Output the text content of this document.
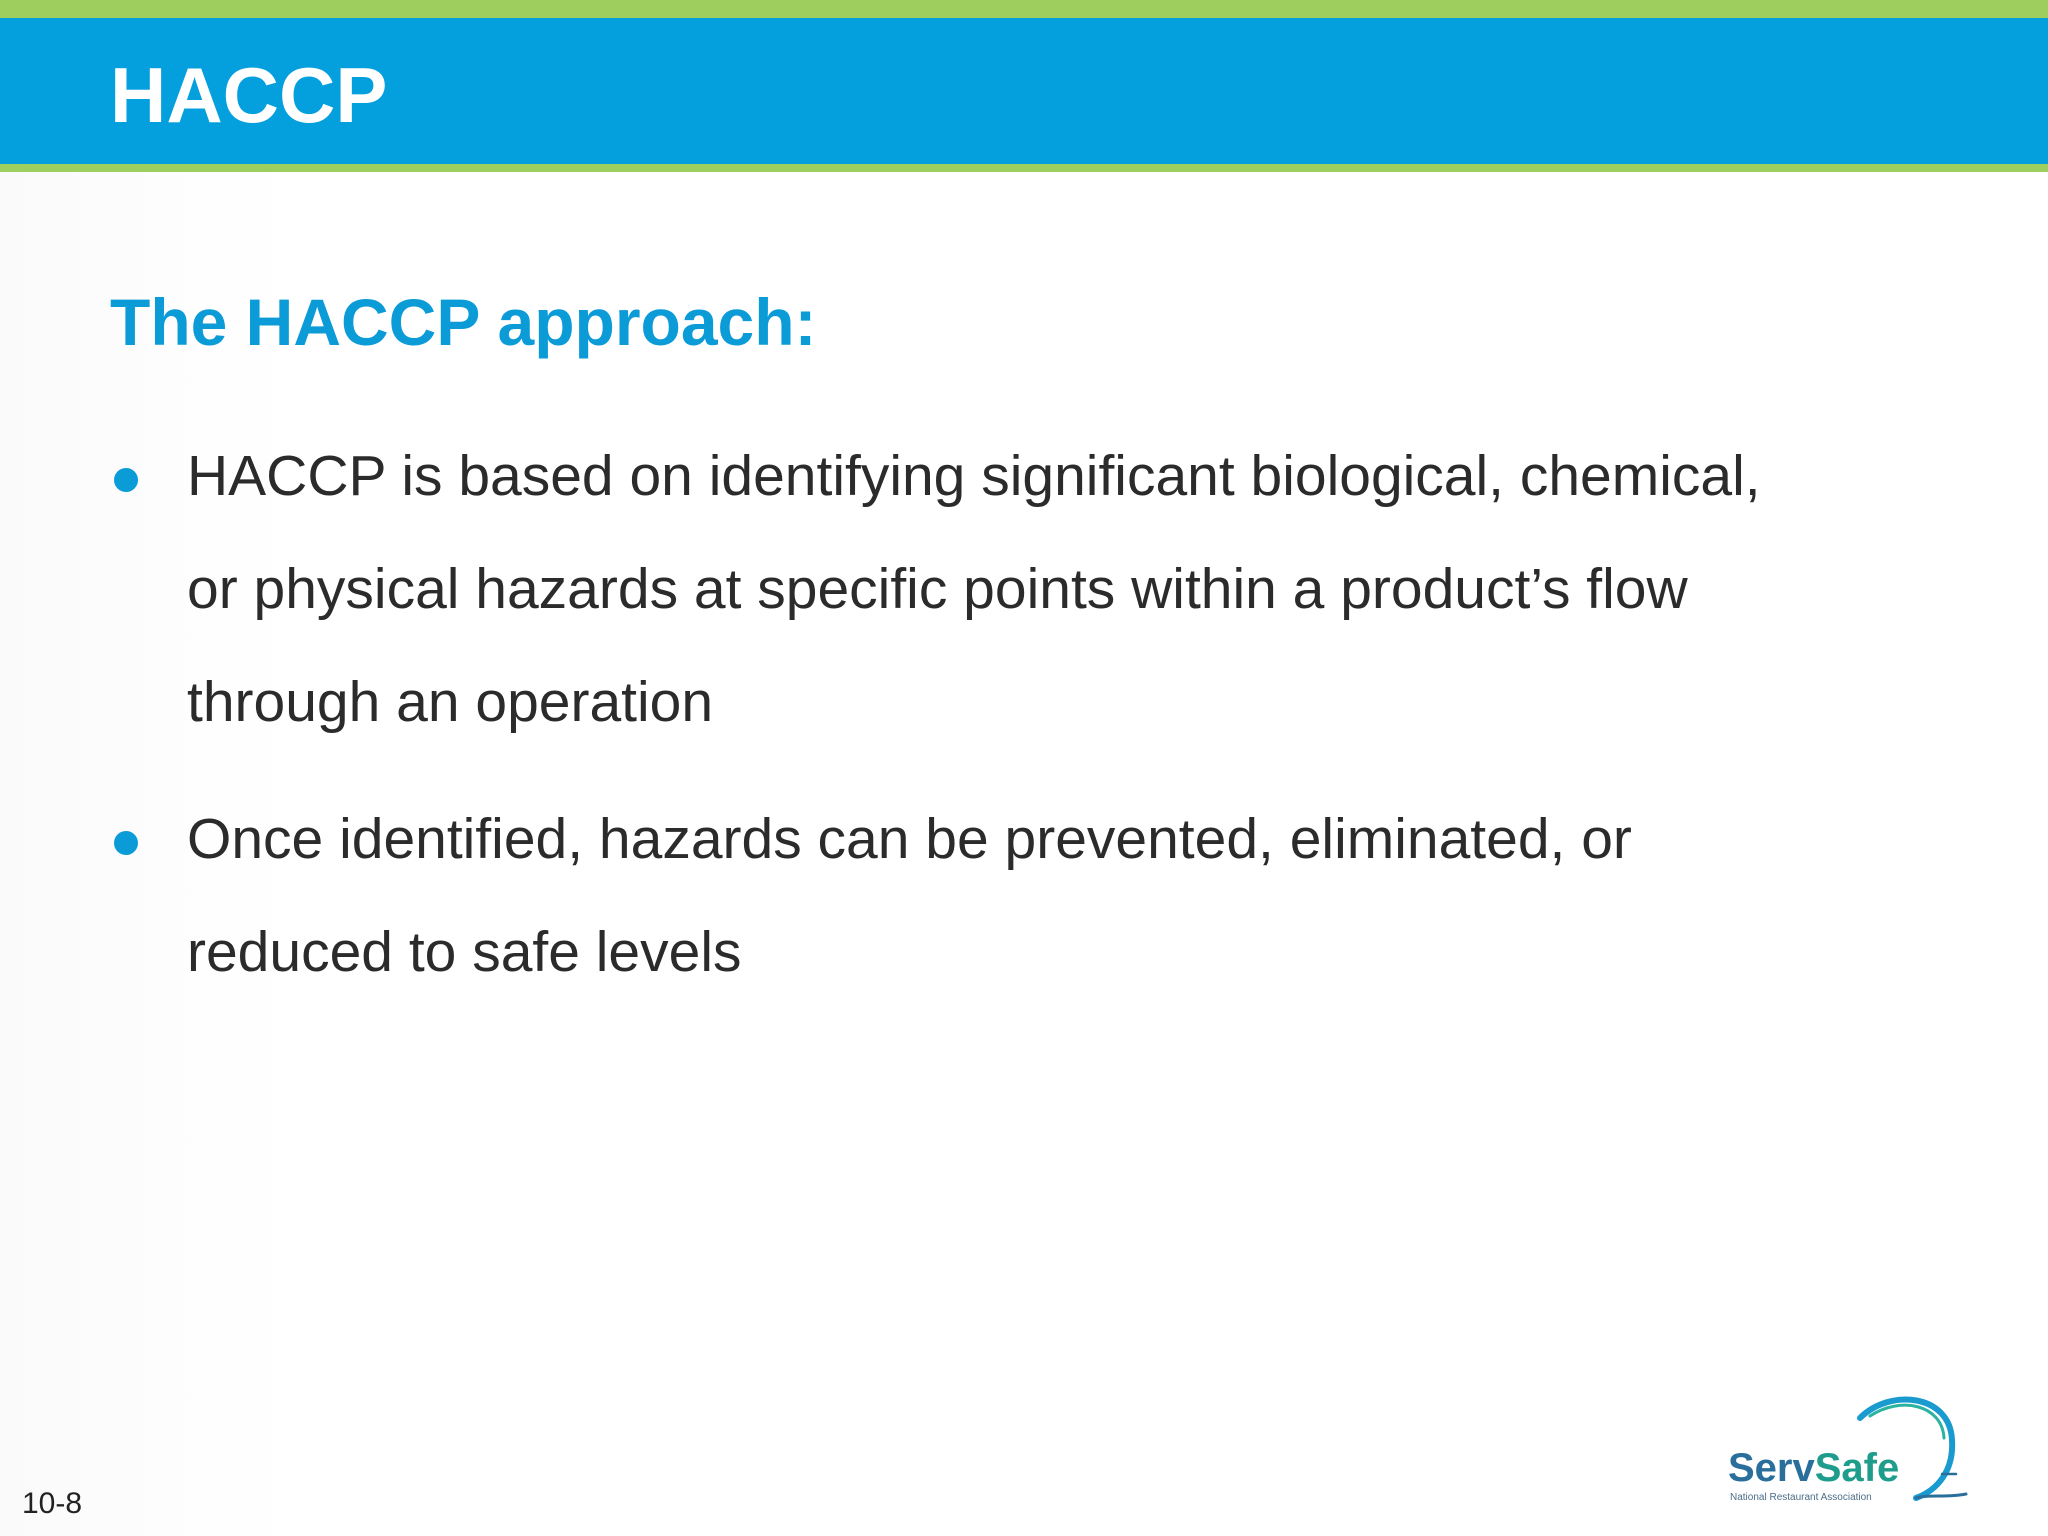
HACCP
The HACCP approach:
HACCP is based on identifying significant biological, chemical,
or physical hazards at specific points within a product’s flow
through an operation
Once identified, hazards can be prevented, eliminated, or
reduced to safe levels
10-8
ServSafe
National Restaurant Association
